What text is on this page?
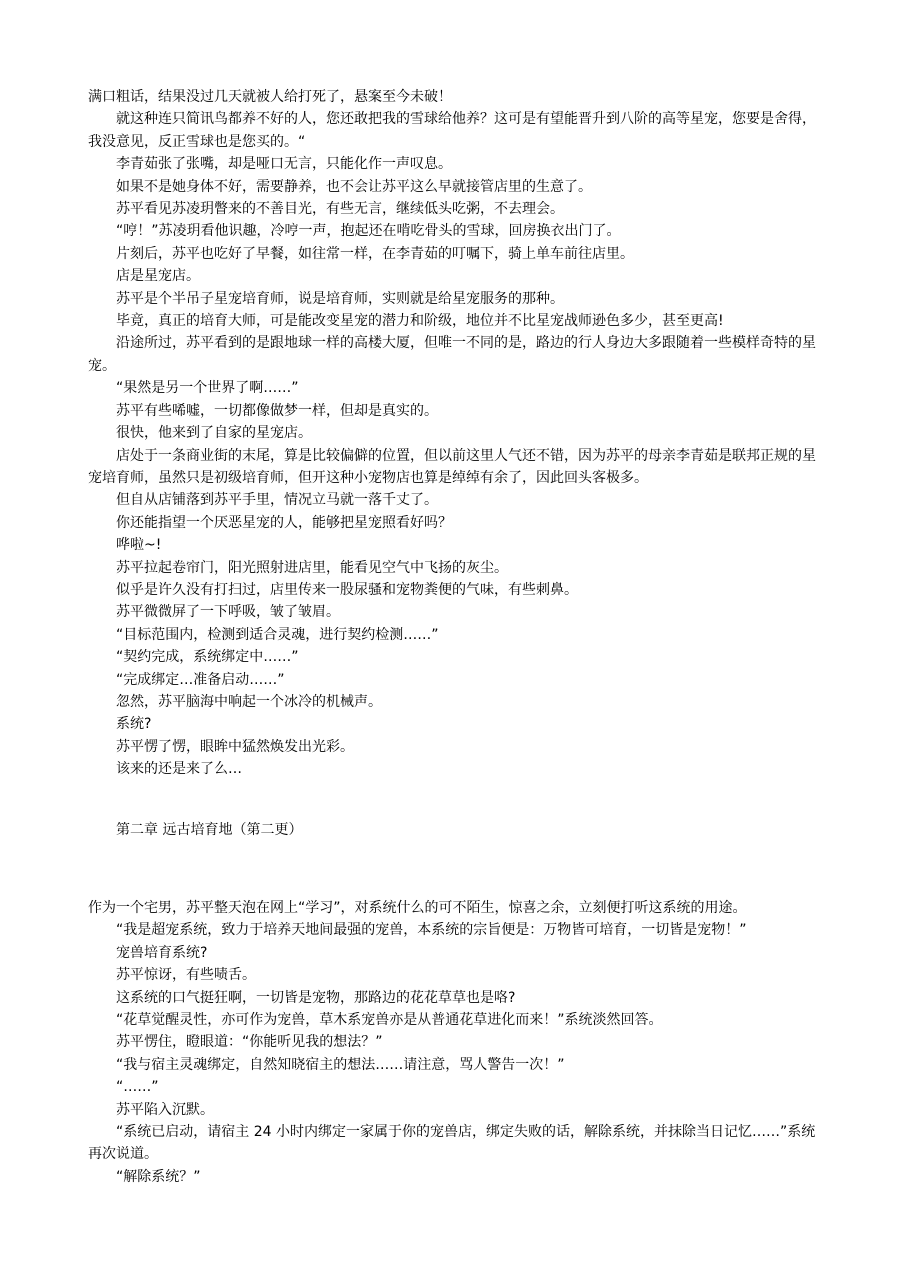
满口粗话，结果没过几天就被人给打死了，悬案至今未破！

就这种连只简讯鸟都养不好的人，您还敢把我的雪球给他养？这可是有望能晋升到八阶的高等星宠，您要是舍得，我没意见，反正雪球也是您买的。“

李青茹张了张嘴，却是哑口无言，只能化作一声叹息。

如果不是她身体不好，需要静养，也不会让苏平这么早就接管店里的生意了。

苏平看见苏凌玥瞥来的不善目光，有些无言，继续低头吃粥，不去理会。

“哼！”苏凌玥看他识趣，冷哼一声，抱起还在啃吃骨头的雪球，回房换衣出门了。

片刻后，苏平也吃好了早餐，如往常一样，在李青茹的叮嘱下，骑上单车前往店里。

店是星宠店。

苏平是个半吊子星宠培育师，说是培育师，实则就是给星宠服务的那种。

毕竟，真正的培育大师，可是能改变星宠的潜力和阶级，地位并不比星宠战师逊色多少，甚至更高!

沿途所过，苏平看到的是跟地球一样的高楼大厦，但唯一不同的是，路边的行人身边大多跟随着一些模样奇特的星宠。

“果然是另一个世界了啊……”

苏平有些唏嘘，一切都像做梦一样，但却是真实的。

很快，他来到了自家的星宠店。

店处于一条商业街的末尾，算是比较偏僻的位置，但以前这里人气还不错，因为苏平的母亲李青茹是联邦正规的星宠培育师，虽然只是初级培育师，但开这种小宠物店也算是绰绰有余了，因此回头客极多。

但自从店铺落到苏平手里，情况立马就一落千丈了。

你还能指望一个厌恶星宠的人，能够把星宠照看好吗？

哗啦~!

苏平拉起卷帘门，阳光照射进店里，能看见空气中飞扬的灰尘。

似乎是许久没有打扫过，店里传来一股尿骚和宠物粪便的气味，有些刺鼻。

苏平微微屏了一下呼吸，皱了皱眉。

“目标范围内，检测到适合灵魂，进行契约检测……”

“契约完成，系统绑定中……”

“完成绑定…准备启动……”

忽然，苏平脑海中响起一个冰冷的机械声。

系统?

苏平愣了愣，眼眸中猛然焕发出光彩。

该来的还是来了么…

第二章 远古培育地（第二更）

作为一个宅男，苏平整天泡在网上“学习”，对系统什么的可不陌生，惊喜之余，立刻便打听这系统的用途。

“我是超宠系统，致力于培养天地间最强的宠兽，本系统的宗旨便是：万物皆可培育，一切皆是宠物！”

宠兽培育系统?

苏平惊讶，有些啧舌。

这系统的口气挺狂啊，一切皆是宠物，那路边的花花草草也是咯?

“花草觉醒灵性，亦可作为宠兽，草木系宠兽亦是从普通花草进化而来！”系统淡然回答。

苏平愣住，瞪眼道：“你能听见我的想法？”

“我与宿主灵魂绑定，自然知晓宿主的想法……请注意，骂人警告一次！”

“……”

苏平陷入沉默。

“系统已启动，请宿主 24 小时内绑定一家属于你的宠兽店，绑定失败的话，解除系统，并抹除当日记忆……”系统再次说道。

“解除系统？”
